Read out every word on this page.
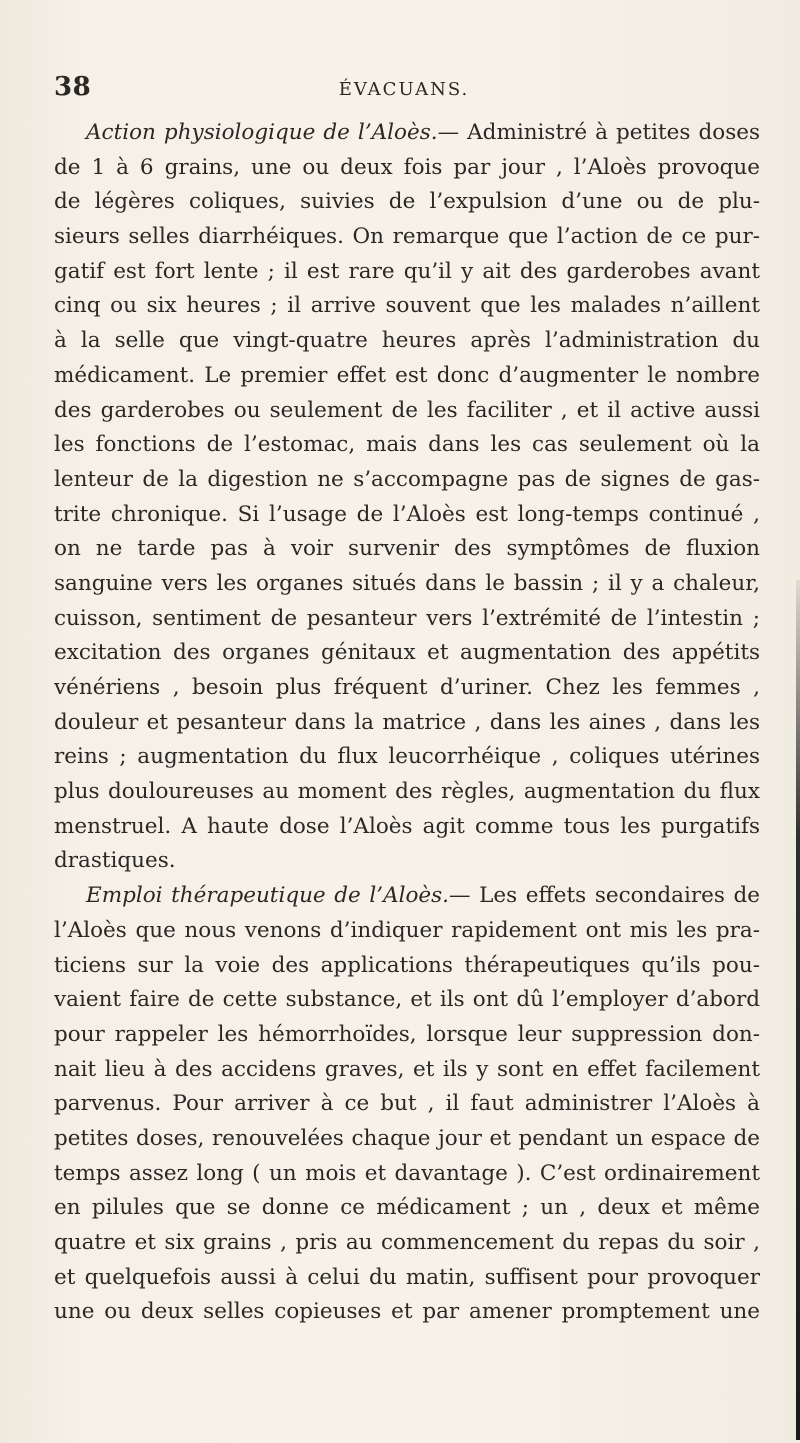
38	ÉVACUANS.
Action physiologique de l’Aloès.— Administré à petites doses
de 1 à 6 grains, une ou deux fois par jour , l’Aloès provoque
de légères coliques, suivies de l’expulsion d’une ou de plu-
sieurs selles diarrhéiques. On remarque que l’action de ce pur-
gatif est fort lente ; il est rare qu’il y ait des garderobes avant
cinq ou six heures ; il arrive souvent que les malades n’aillent
à la selle que vingt-quatre heures après l’administration du
médicament. Le premier effet est donc d’augmenter le nombre
des garderobes ou seulement de les faciliter , et il active aussi
les fonctions de l’estomac, mais dans les cas seulement où la
lenteur de la digestion ne s’accompagne pas de signes de gas-
trite chronique. Si l’usage de l’Aloès est long-temps continué ,
on ne tarde pas à voir survenir des symptômes de fluxion
sanguine vers les organes situés dans le bassin ; il y a chaleur,
cuisson, sentiment de pesanteur vers l’extrémité de l’intestin ;
excitation des organes génitaux et augmentation des appétits
vénériens , besoin plus fréquent d’uriner. Chez les femmes ,
douleur et pesanteur dans la matrice , dans les aines , dans les
reins ; augmentation du flux leucorrhéique , coliques utérines
plus douloureuses au moment des règles, augmentation du flux
menstruel. A haute dose l’Aloès agit comme tous les purgatifs
drastiques.
Emploi thérapeutique de l’Aloès.— Les effets secondaires de
l’Aloès que nous venons d’indiquer rapidement ont mis les pra-
ticiens sur la voie des applications thérapeutiques qu’ils pou-
vaient faire de cette substance, et ils ont dû l’employer d’abord
pour rappeler les hémorrhoïdes, lorsque leur suppression don-
nait lieu à des accidens graves, et ils y sont en effet facilement
parvenus. Pour arriver à ce but , il faut administrer l’Aloès à
petites doses, renouvelées chaque jour et pendant un espace de
temps assez long ( un mois et davantage ). C’est ordinairement
en pilules que se donne ce médicament ; un , deux et même
quatre et six grains , pris au commencement du repas du soir ,
et quelquefois aussi à celui du matin, suffisent pour provoquer
une ou deux selles copieuses et par amener promptement une
